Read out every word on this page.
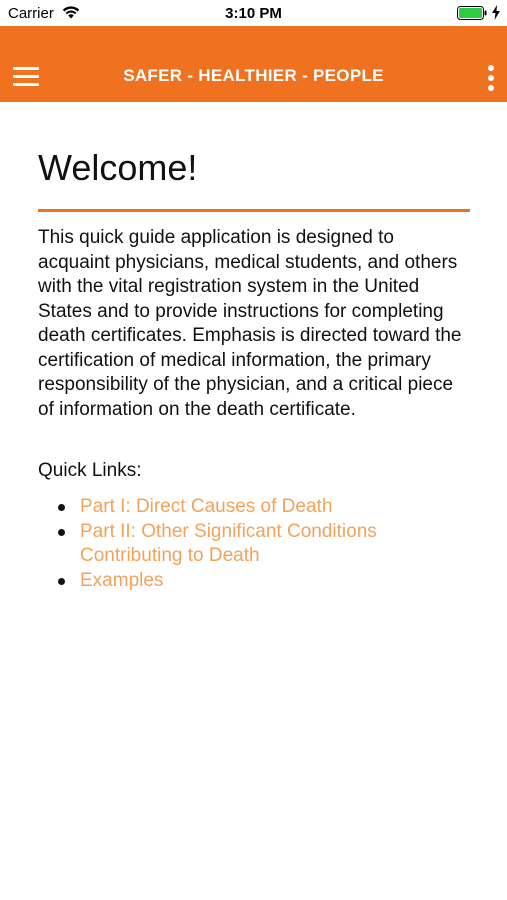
Carrier	3:10 PM
SAFER - HEALTHIER - PEOPLE
Welcome!

This quick guide application is designed to acquaint physicians, medical students, and others with the vital registration system in the United States and to provide instructions for completing death certificates. Emphasis is directed toward the certification of medical information, the primary responsibility of the physician, and a critical piece of information on the death certificate.

Quick Links:
Part I: Direct Causes of Death
Part II: Other Significant Conditions Contributing to Death
Examples
